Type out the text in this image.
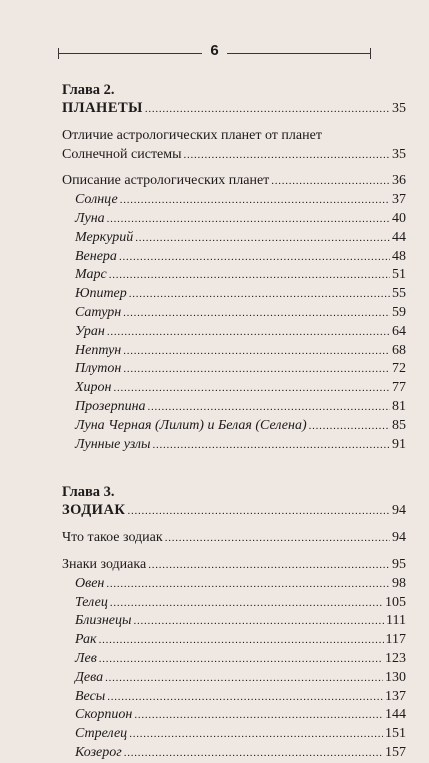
6
Глава 2.
ПЛАНЕТЫ . . .	35
Отличие астрологических планет от планет
Солнечной системы . . .	35
Описание астрологических планет . . .	36
Солнце . . .	37
Луна . . .	40
Меркурий . . .	44
Венера . . .	48
Марс . . .	51
Юпитер . . .	55
Сатурн . . .	59
Уран . . .	64
Нептун . . .	68
Плутон . . .	72
Хирон . . .	77
Прозерпина . . .	81
Луна Черная (Лилит) и Белая (Селена) . . .	85
Лунные узлы . . .	91
Глава 3.
ЗОДИАК . . .	94
Что такое зодиак . . .	94
Знаки зодиака . . .	95
Овен . . .	98
Телец . . .	105
Близнецы . . .	111
Рак . . .	117
Лев . . .	123
Дева . . .	130
Весы . . .	137
Скорпион . . .	144
Стрелец . . .	151
Козерог . . .	157
